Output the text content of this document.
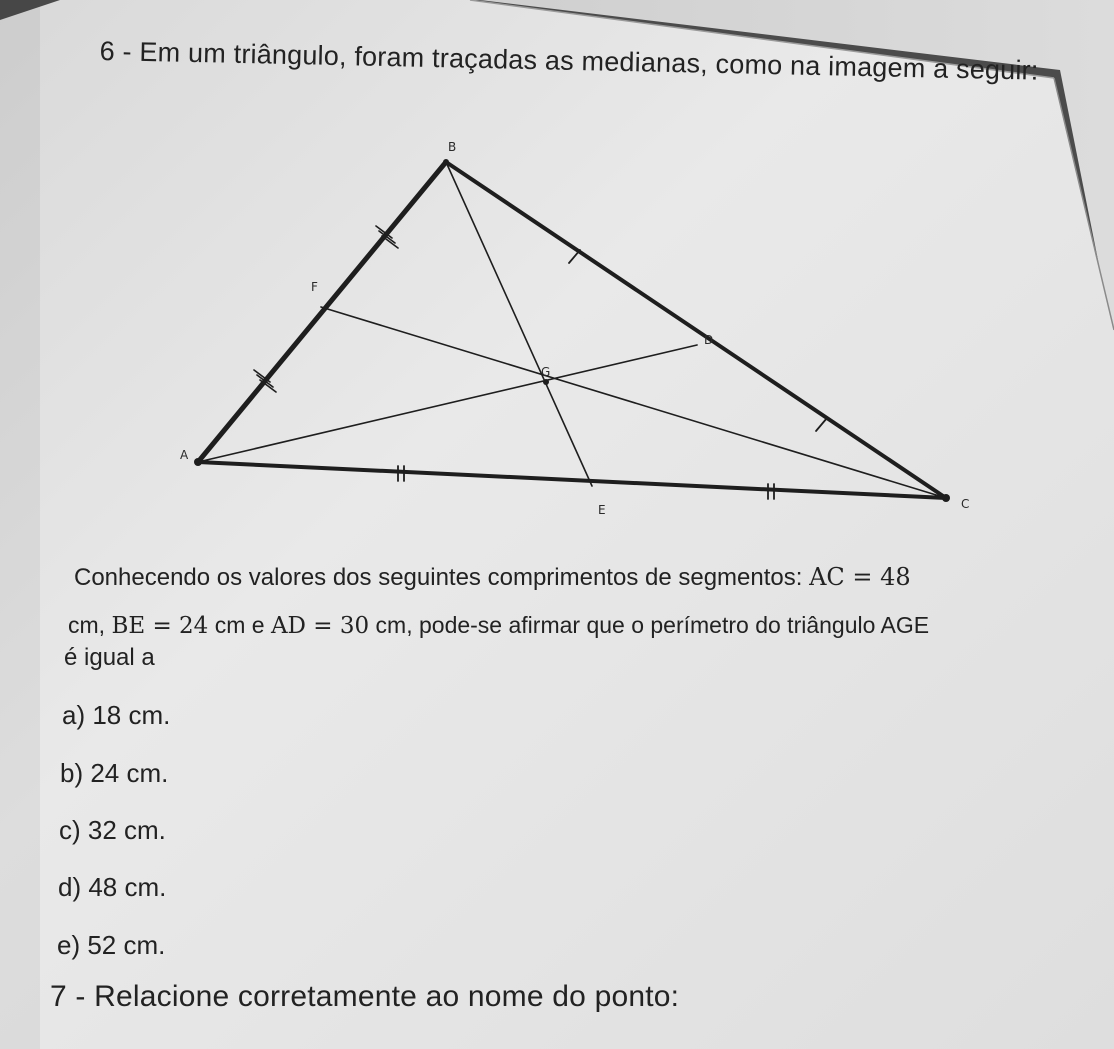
6 - Em um triângulo, foram traçadas as medianas, como na imagem a seguir:
A
B
C
D
E
F
G
Conhecendo os valores dos seguintes comprimentos de segmentos: AC = 48
cm, BE = 24 cm e AD = 30 cm, pode-se afirmar que o perímetro do triângulo AGE
é igual a
a) 18 cm.
b) 24 cm.
c) 32 cm.
d) 48 cm.
e) 52 cm.
7 - Relacione corretamente ao nome do ponto:
